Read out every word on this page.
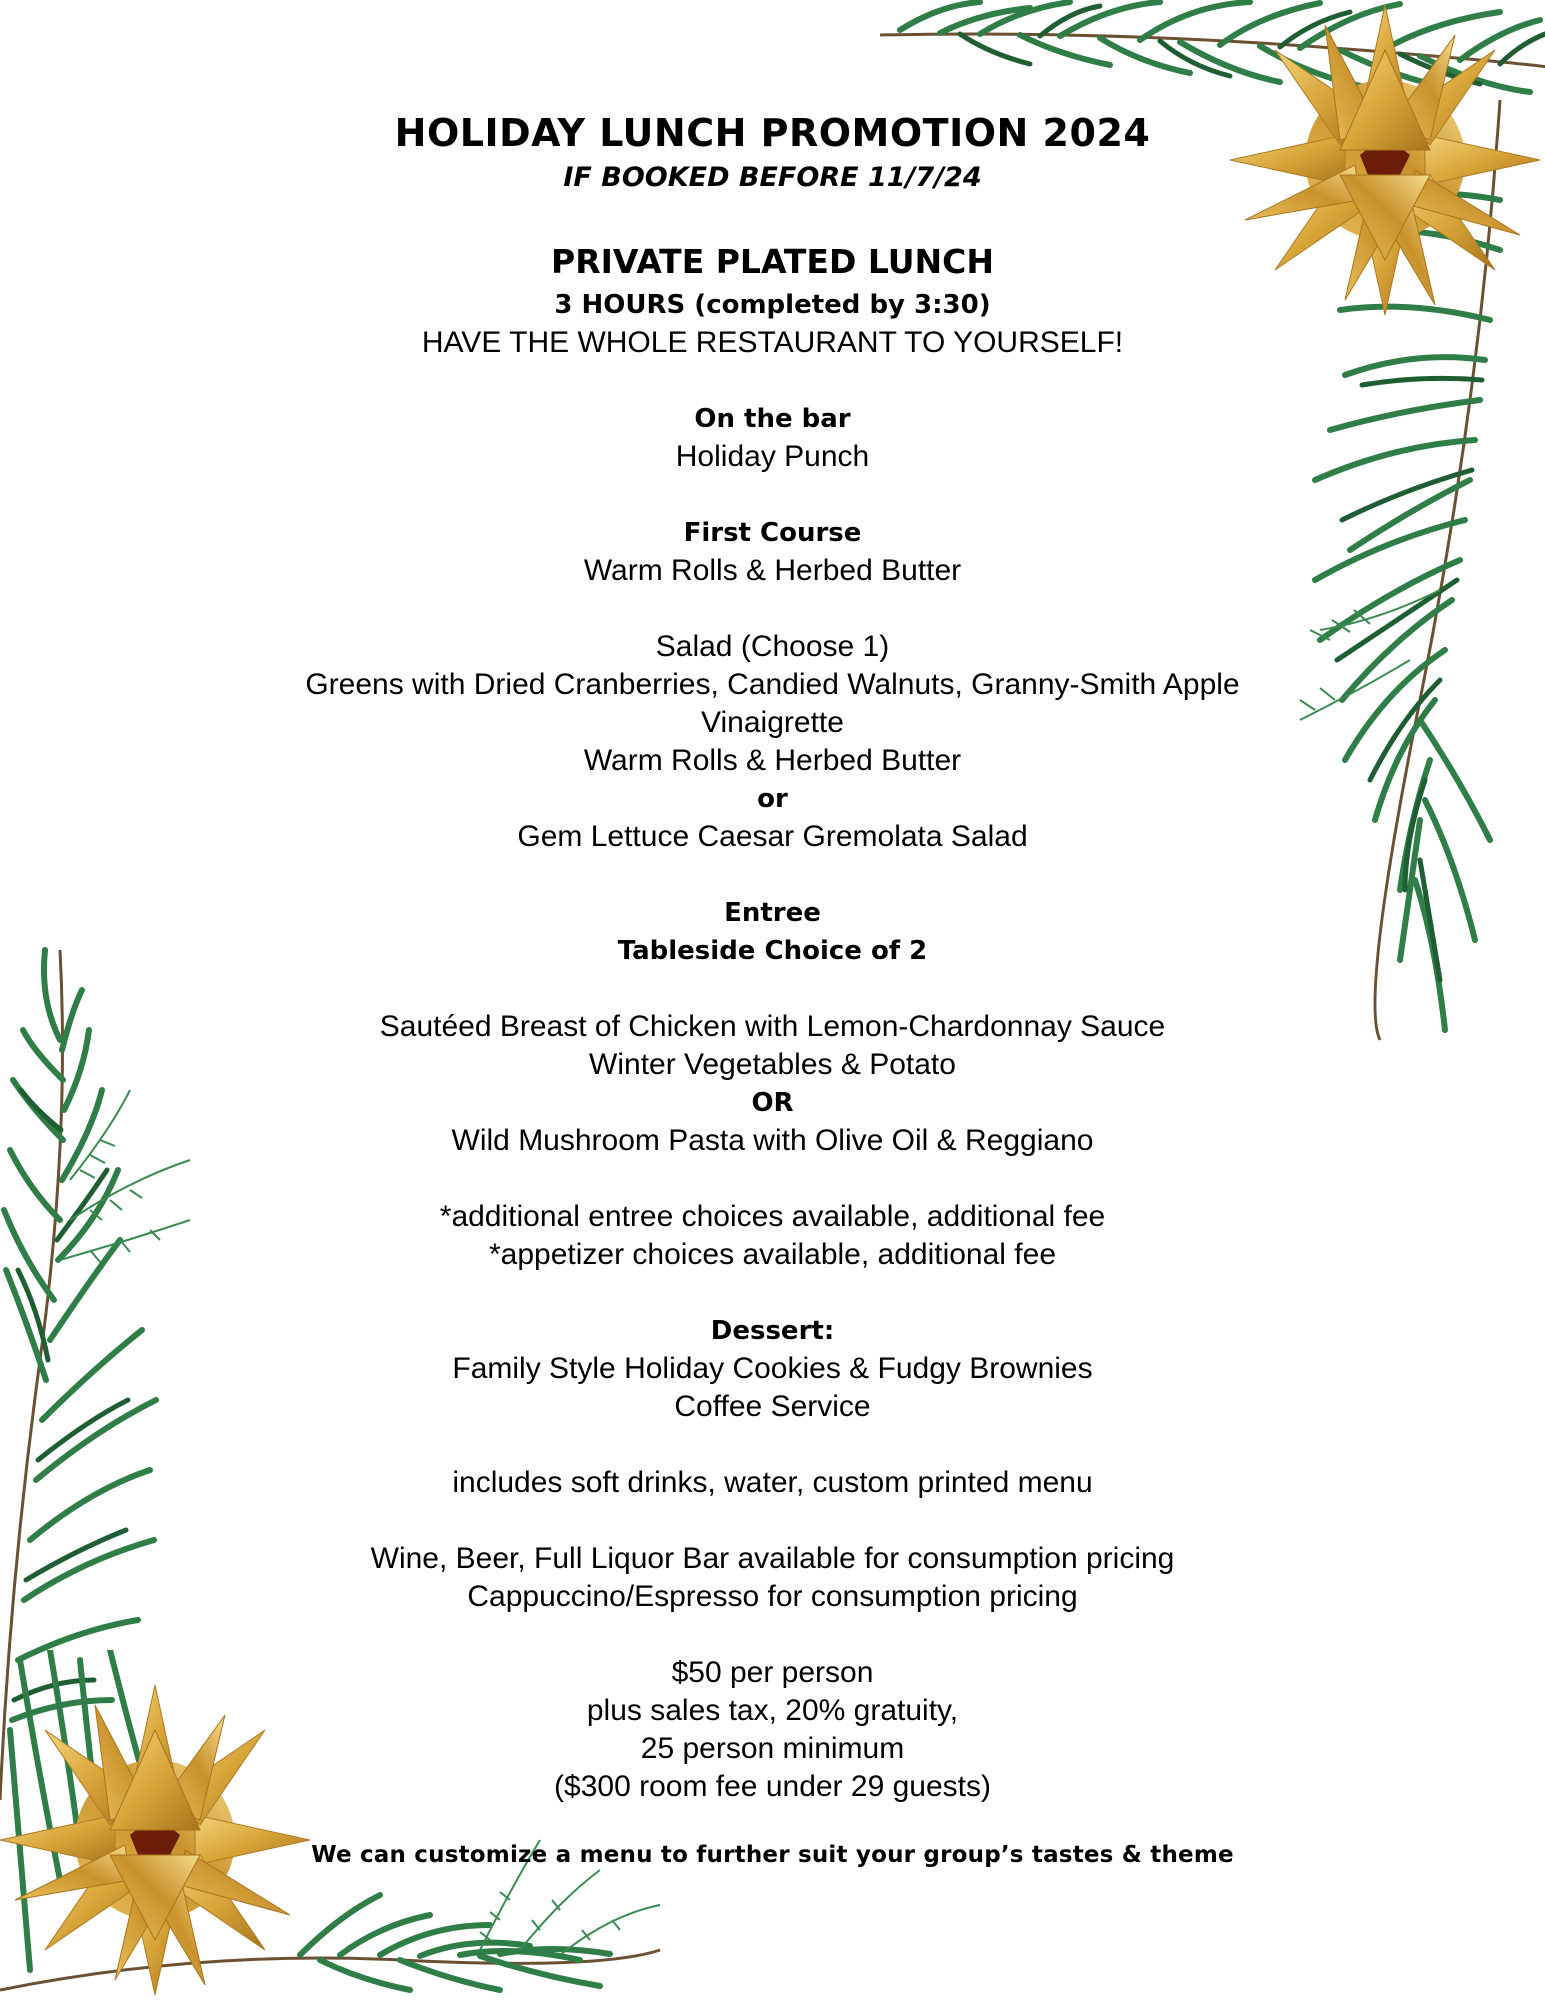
HOLIDAY LUNCH PROMOTION 2024
IF BOOKED BEFORE 11/7/24
PRIVATE PLATED LUNCH
3 HOURS (completed by 3:30)
HAVE THE WHOLE RESTAURANT TO YOURSELF!
On the bar
Holiday Punch
First Course
Warm Rolls & Herbed Butter
Salad (Choose 1)
Greens with Dried Cranberries, Candied Walnuts, Granny-Smith Apple
Vinaigrette
Warm Rolls & Herbed Butter
or
Gem Lettuce Caesar Gremolata Salad
Entree
Tableside Choice of 2
Sautéed Breast of Chicken with Lemon-Chardonnay Sauce
Winter Vegetables & Potato
OR
Wild Mushroom Pasta with Olive Oil & Reggiano
*additional entree choices available, additional fee
*appetizer choices available, additional fee
Dessert:
Family Style Holiday Cookies & Fudgy Brownies
Coffee Service
includes soft drinks, water, custom printed menu
Wine, Beer, Full Liquor Bar available for consumption pricing
Cappuccino/Espresso for consumption pricing
$50 per person
plus sales tax, 20% gratuity,
25 person minimum
($300 room fee under 29 guests)
We can customize a menu to further suit your group’s tastes & theme
